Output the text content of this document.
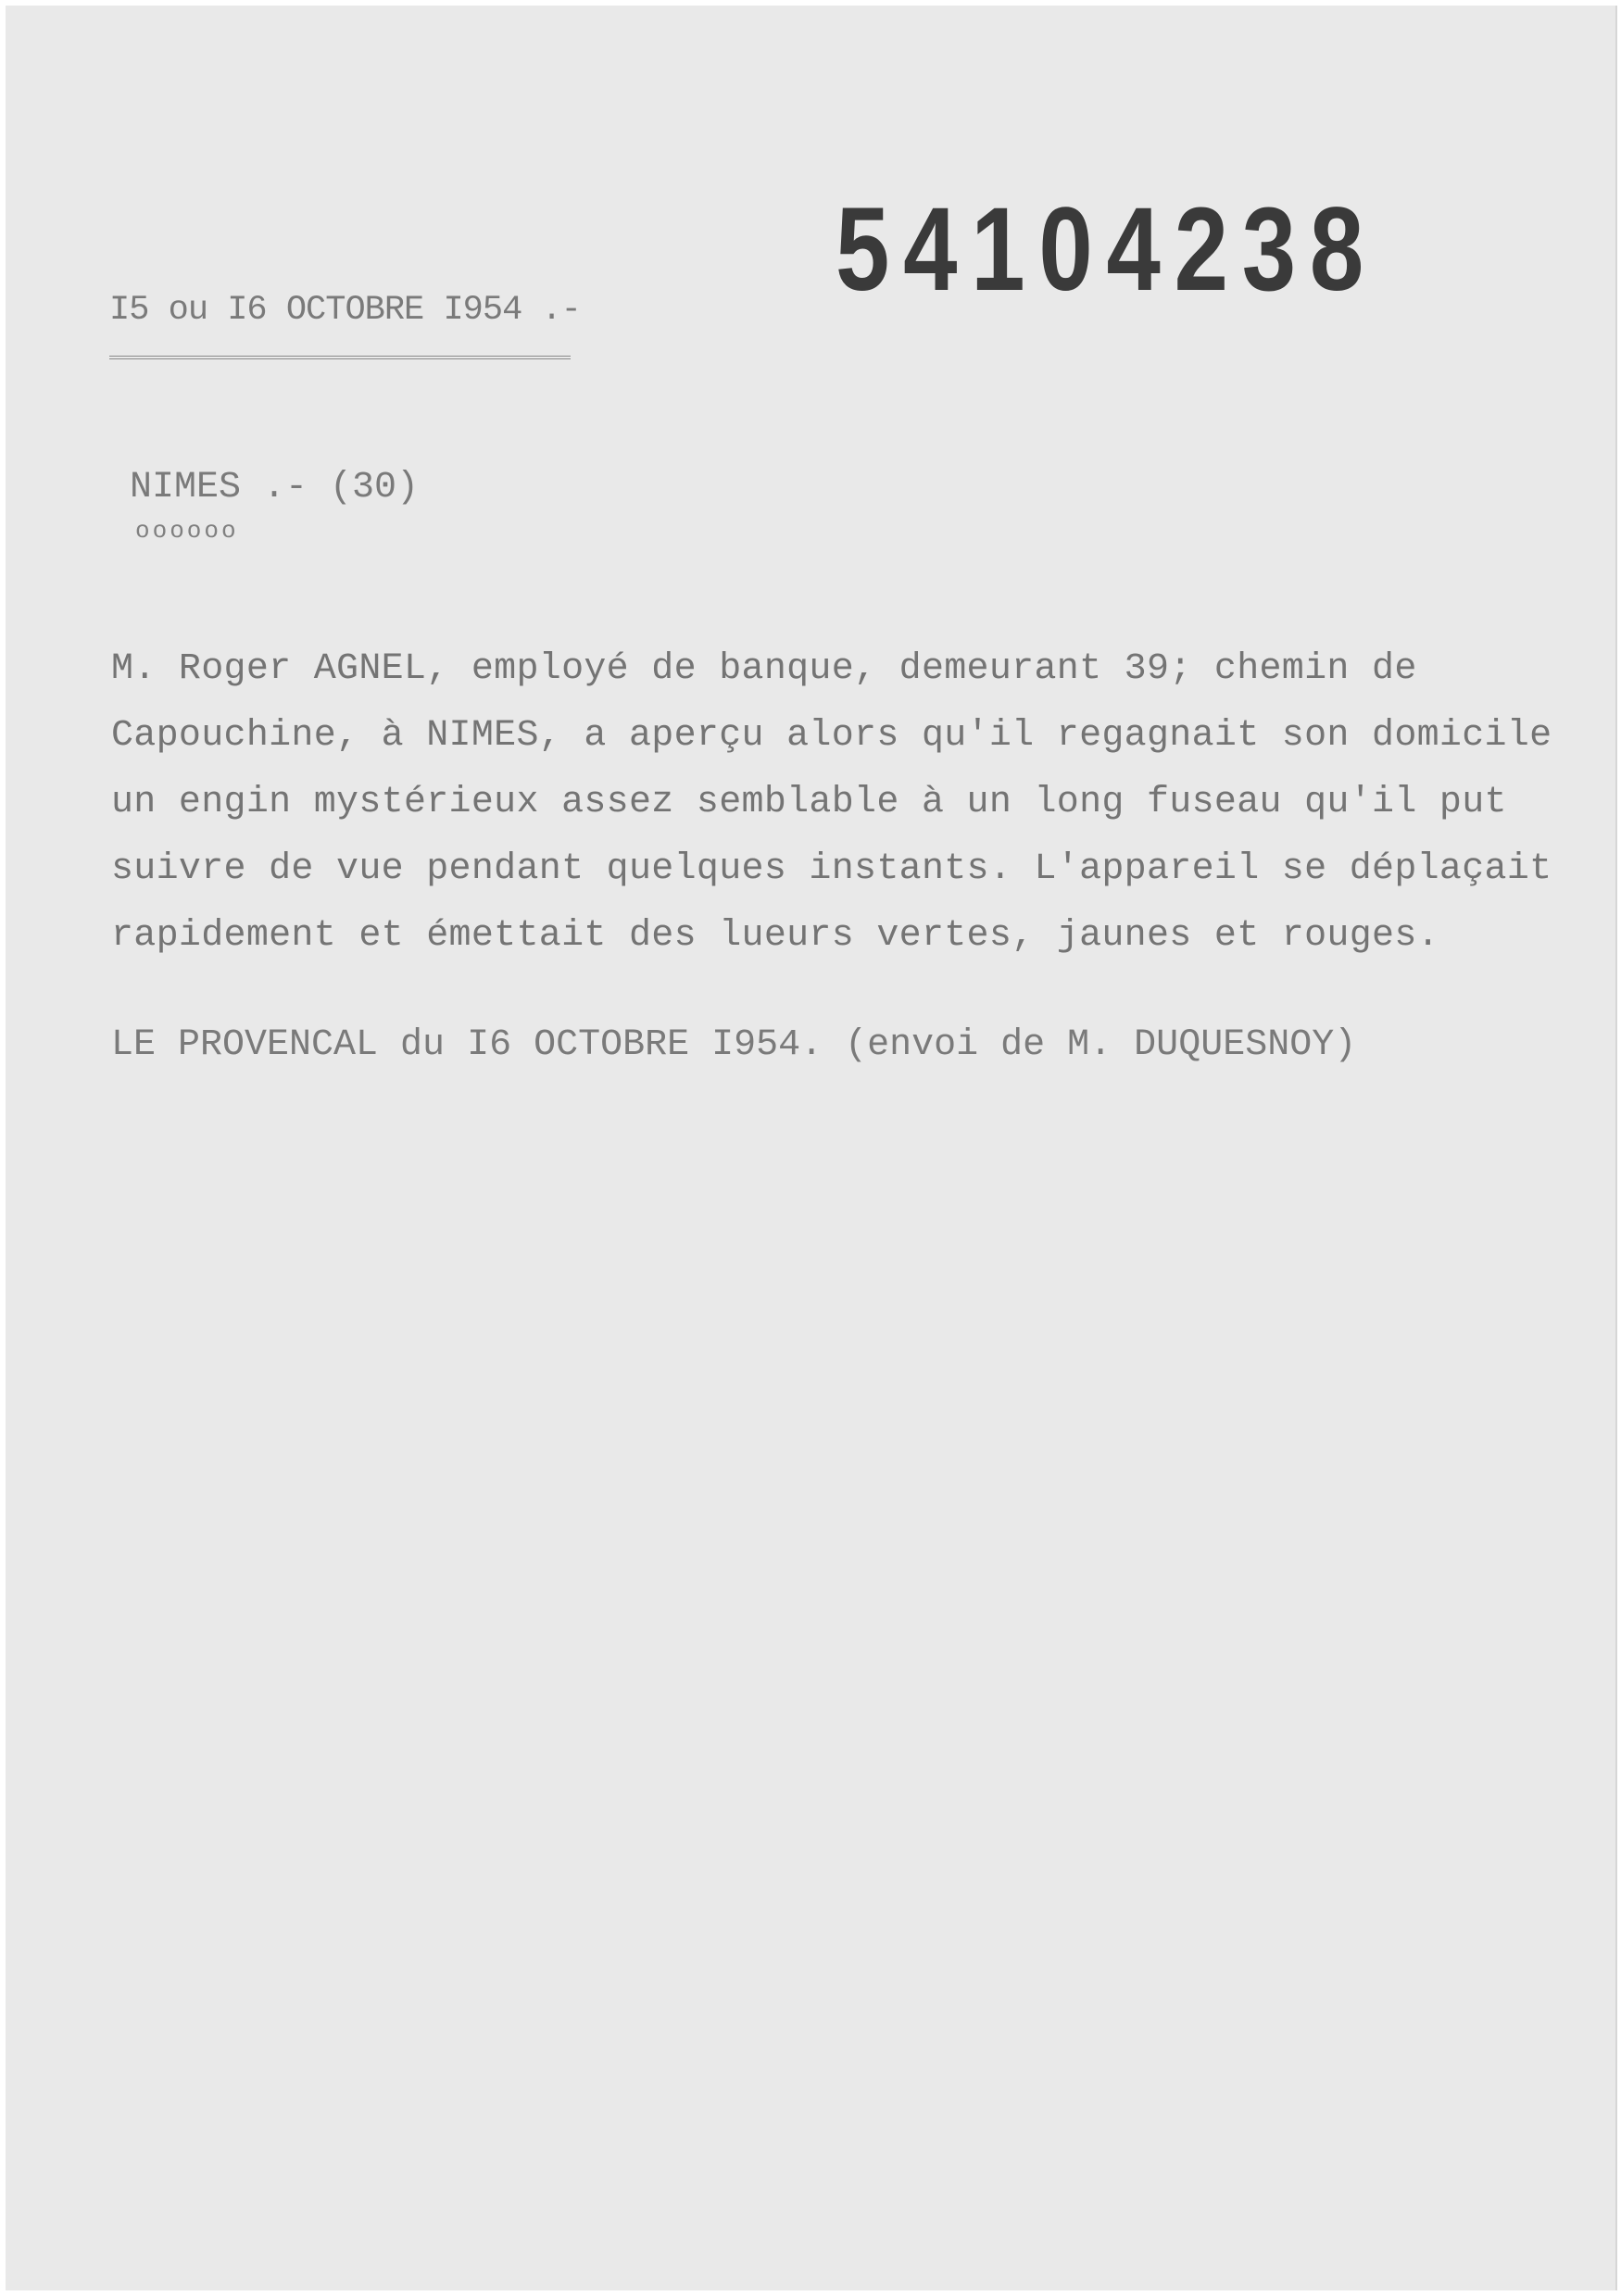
I5 ou I6 OCTOBRE I954 .- 54104238
NIMES .- (30)
oooooo
M. Roger AGNEL, employé de banque, demeurant 39; chemin de
Capouchine, à NIMES, a aperçu alors qu'il regagnait son domicile
un engin mystérieux assez semblable à un long fuseau qu'il put
suivre de vue pendant quelques instants. L'appareil se déplaçait
rapidement et émettait des lueurs vertes, jaunes et rouges.
LE PROVENCAL du I6 OCTOBRE I954. (envoi de M. DUQUESNOY)
